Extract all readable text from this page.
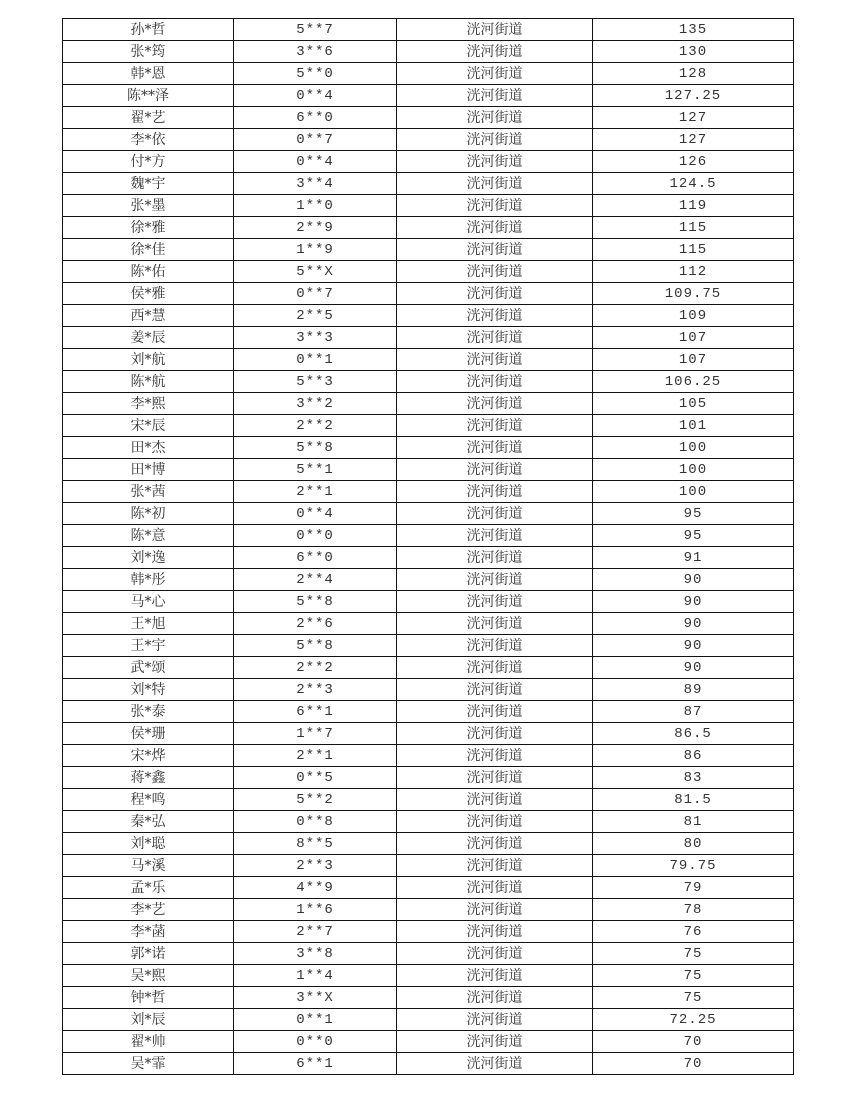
孙*哲	5**7	洸河街道	135
张*筠	3**6	洸河街道	130
韩*恩	5**0	洸河街道	128
陈**泽	0**4	洸河街道	127.25
翟*艺	6**0	洸河街道	127
李*依	0**7	洸河街道	127
付*方	0**4	洸河街道	126
魏*宇	3**4	洸河街道	124.5
张*墨	1**0	洸河街道	119
徐*雅	2**9	洸河街道	115
徐*佳	1**9	洸河街道	115
陈*佑	5**X	洸河街道	112
侯*雅	0**7	洸河街道	109.75
西*慧	2**5	洸河街道	109
姜*辰	3**3	洸河街道	107
刘*航	0**1	洸河街道	107
陈*航	5**3	洸河街道	106.25
李*熙	3**2	洸河街道	105
宋*辰	2**2	洸河街道	101
田*杰	5**8	洸河街道	100
田*博	5**1	洸河街道	100
张*茜	2**1	洸河街道	100
陈*初	0**4	洸河街道	95
陈*意	0**0	洸河街道	95
刘*逸	6**0	洸河街道	91
韩*彤	2**4	洸河街道	90
马*心	5**8	洸河街道	90
王*旭	2**6	洸河街道	90
王*宇	5**8	洸河街道	90
武*颂	2**2	洸河街道	90
刘*特	2**3	洸河街道	89
张*泰	6**1	洸河街道	87
侯*珊	1**7	洸河街道	86.5
宋*烨	2**1	洸河街道	86
蒋*鑫	0**5	洸河街道	83
程*鸣	5**2	洸河街道	81.5
秦*弘	0**8	洸河街道	81
刘*聪	8**5	洸河街道	80
马*溪	2**3	洸河街道	79.75
孟*乐	4**9	洸河街道	79
李*艺	1**6	洸河街道	78
李*菡	2**7	洸河街道	76
郭*诺	3**8	洸河街道	75
吴*熙	1**4	洸河街道	75
钟*哲	3**X	洸河街道	75
刘*辰	0**1	洸河街道	72.25
翟*帅	0**0	洸河街道	70
吴*霏	6**1	洸河街道	70
